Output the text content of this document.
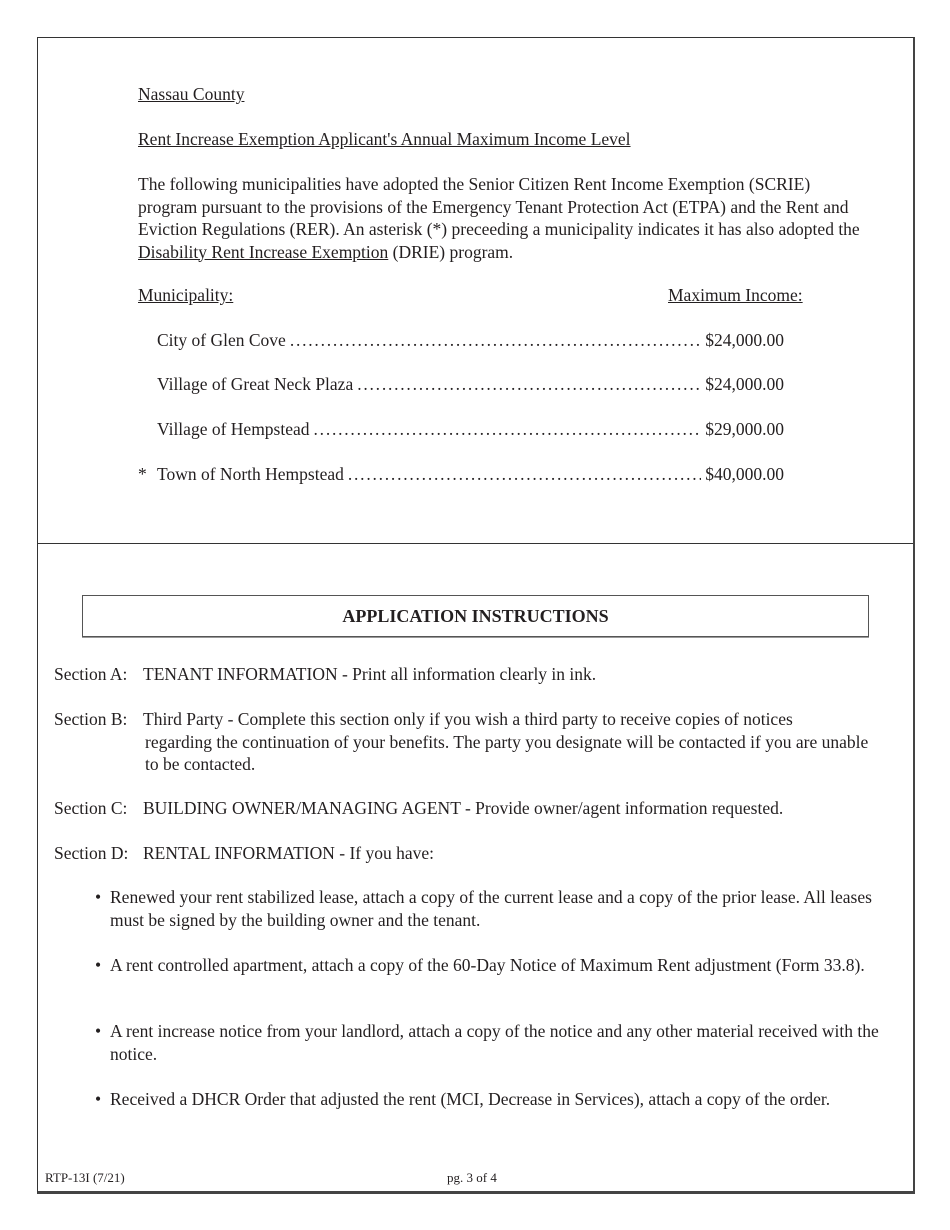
Nassau County
Rent Increase Exemption Applicant's Annual Maximum Income Level
The following municipalities have adopted the Senior Citizen Rent Income Exemption (SCRIE) program pursuant to the provisions of the Emergency Tenant Protection Act (ETPA) and the Rent and Eviction Regulations (RER). An asterisk (*) preceeding a municipality indicates it has also adopted the Disability Rent Increase Exemption (DRIE) program.
Municipality:	Maximum Income:
City of Glen Cove . . .	$24,000.00
Village of Great Neck Plaza . . .	$24,000.00
Village of Hempstead . . .	$29,000.00
* Town of North Hempstead . . .	$40,000.00
APPLICATION INSTRUCTIONS
Section A: TENANT INFORMATION - Print all information clearly in ink.
Section B: Third Party - Complete this section only if you wish a third party to receive copies of notices
regarding the continuation of your benefits. The party you designate will be contacted if you are unable to be contacted.
Section C: BUILDING OWNER/MANAGING AGENT - Provide owner/agent information requested.
Section D: RENTAL INFORMATION - If you have:
• Renewed your rent stabilized lease, attach a copy of the current lease and a copy of the prior lease. All leases must be signed by the building owner and the tenant.
• A rent controlled apartment, attach a copy of the 60-Day Notice of Maximum Rent adjustment (Form 33.8).
• A rent increase notice from your landlord, attach a copy of the notice and any other material received with the notice.
• Received a DHCR Order that adjusted the rent (MCI, Decrease in Services), attach a copy of the order.
RTP-13I (7/21)	pg. 3 of 4
